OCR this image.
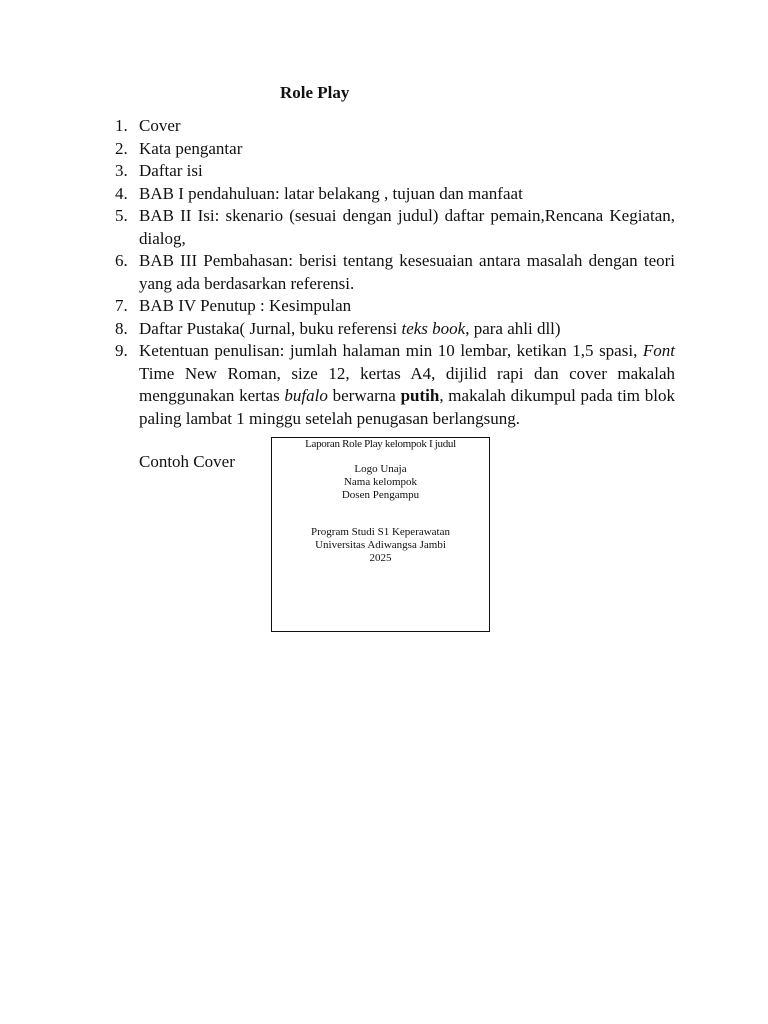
Role Play
1. Cover
2. Kata pengantar
3. Daftar isi
4. BAB I pendahuluan: latar belakang , tujuan dan manfaat
5. BAB II Isi: skenario (sesuai dengan judul) daftar pemain,Rencana Kegiatan, dialog,
6. BAB III Pembahasan: berisi tentang kesesuaian antara masalah dengan teori yang ada berdasarkan referensi.
7. BAB IV Penutup : Kesimpulan
8. Daftar Pustaka( Jurnal, buku referensi teks book, para ahli dll)
9. Ketentuan penulisan: jumlah halaman min 10 lembar, ketikan 1,5 spasi, Font Time New Roman, size 12, kertas A4, dijilid rapi dan cover makalah menggunakan kertas bufalo berwarna putih, makalah dikumpul pada tim blok paling lambat 1 minggu setelah penugasan berlangsung.

Contoh Cover

Laporan Role Play kelompok I judul
Logo Unaja
Nama kelompok
Dosen Pengampu
Program Studi S1 Keperawatan
Universitas Adiwangsa Jambi
2025
